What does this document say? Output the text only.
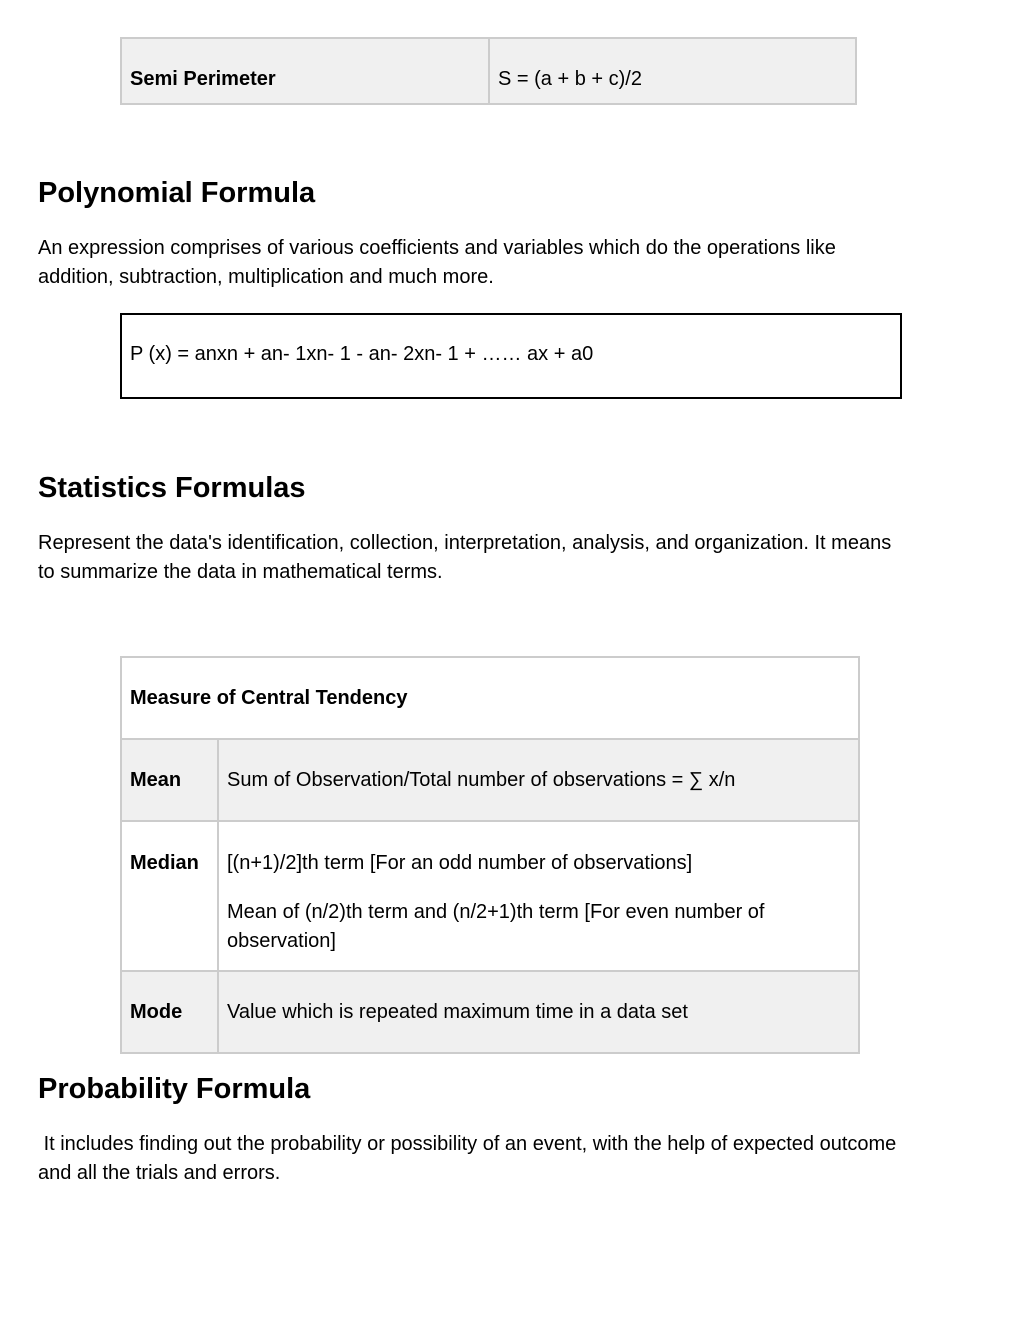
Semi Perimeter	S = (a + b + c)/2
Polynomial Formula

An expression comprises of various coefficients and variables which do the operations like addition, subtraction, multiplication and much more.

P (x) = anxn + an- 1xn- 1 - an- 2xn- 1 + …… ax + a0
Statistics Formulas

Represent the data's identification, collection, interpretation, analysis, and organization. It means to summarize the data in mathematical terms.

Measure of Central Tendency	
Mean	Sum of Observation/Total number of observations = ∑ x/n
Median	[(n+1)/2]th term [For an odd number of observations]
Mean of (n/2)th term and (n/2+1)th term [For even number of observation]

Mode	Value which is repeated maximum time in a data set
Probability Formula

It includes finding out the probability or possibility of an event, with the help of expected outcome and all the trials and errors.
